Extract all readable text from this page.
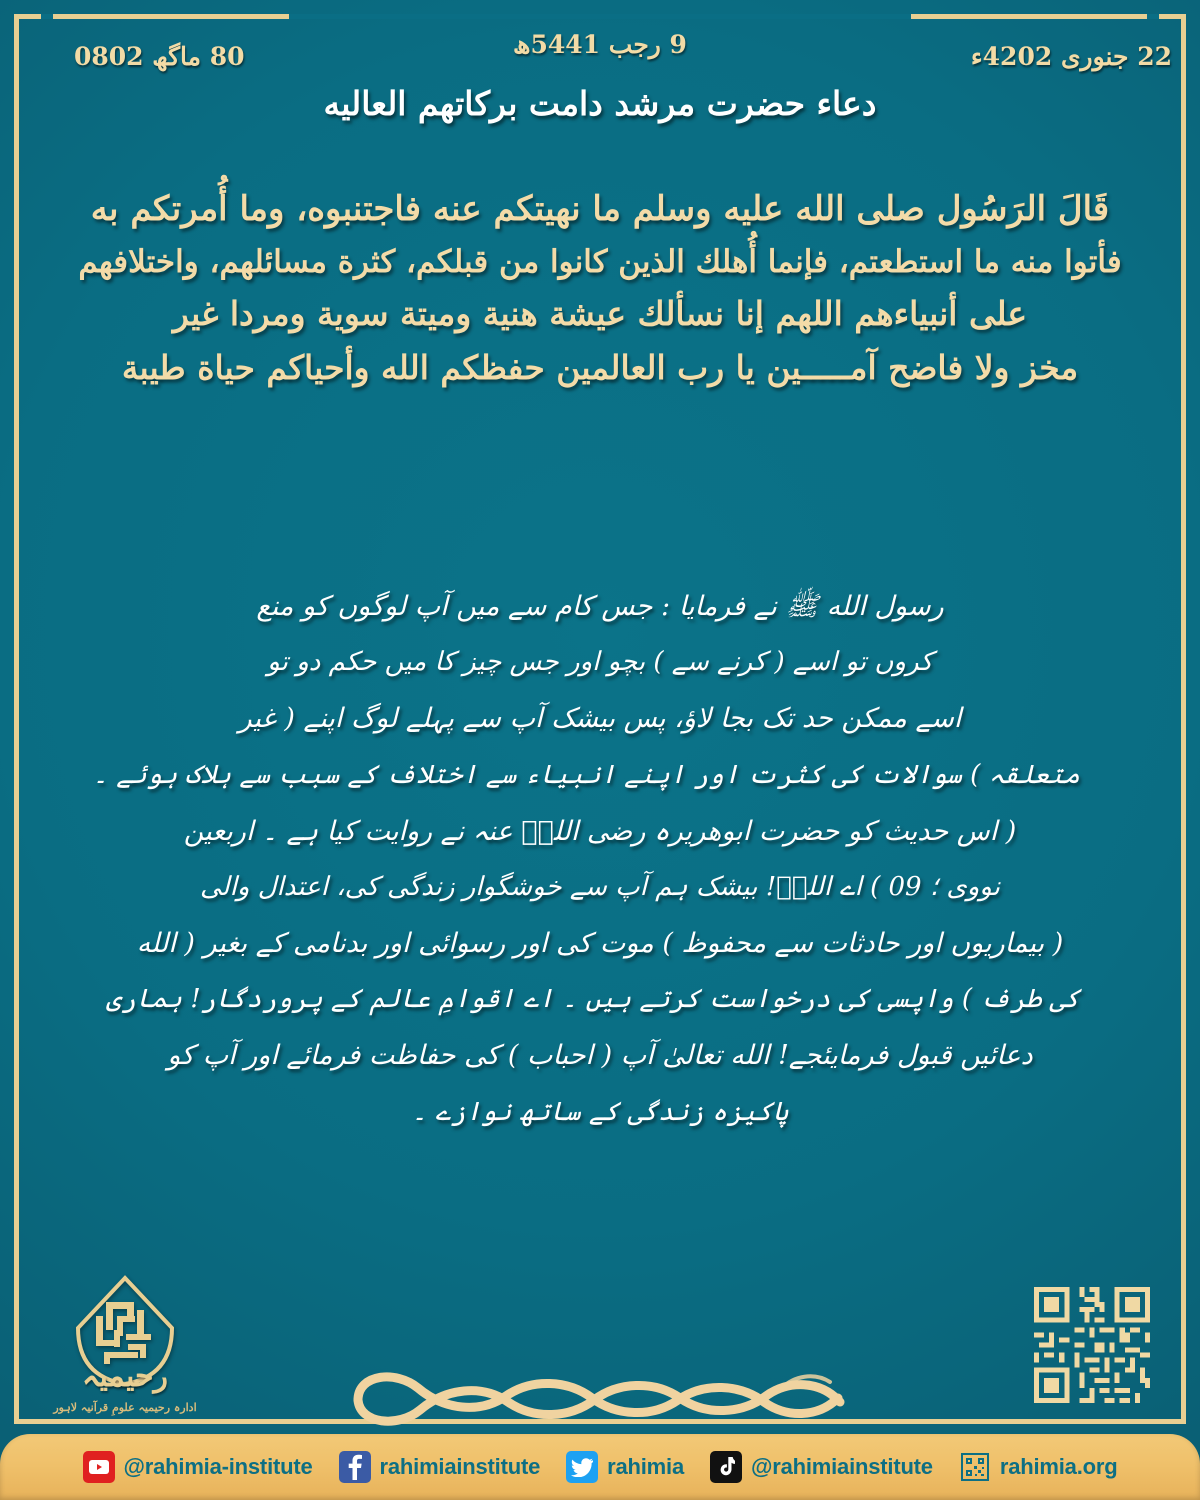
9 رجب 1445ھ
08 ماگھ 2080	22 جنوری 2024ء
دعاء حضرت مرشد دامت برکاتهم العالیه
قَالَ الرَسُول صلی الله علیه وسلم ما نهیتکم عنه فاجتنبوه، وما أُمرتکم به
فأتوا منه ما استطعتم، فإنما أُهلك الذین کانوا من قبلکم، کثرة مسائلهم، واختلافهم
علی أنبیاءهم اللهم إنا نسألك عیشة هنیة ومیتة سویة ومردا غیر
مخز ولا فاضح آمـــــین یا رب العالمین حفظکم الله وأحیاکم حیاة طیبة
رسول الله ﷺ نے فرمایا : جس کام سے میں آپ لوگوں کو منع
کروں تو اسے ( کرنے سے ) بچو اور جس چیز کا میں حکم دو تو
اسے ممکن حد تک بجا لاؤ، پس بیشک آپ سے پہلے لوگ اپنے ( غیر
متعلقہ ) سوالات کی کثرت اور اپنے انبیاء سے اختلاف کے سبب سے ہلاک ہوئے ۔
( اس حدیث کو حضرت ابوھریرہ رضی اللهؓ عنہ نے روایت کیا ہے ۔ اربعین
نووی ؛ 09 ) اے اللهؐ! بیشک ہم آپ سے خوشگوار زندگی کی، اعتدال والی
( بیماریوں اور حادثات سے محفوظ ) موت کی اور رسوائی اور بدنامی کے بغیر ( الله
کی طرف ) واپسی کی درخواست کرتے ہیں ۔ اے اقوامِ عالم کے پروردگار! ہماری
دعائیں قبول فرمایئجے! الله تعالیٰ آپ ( احباب ) کی حفاظت فرمائے اور آپ کو
پاکیزہ زندگی کے ساتھ نوازے ۔
رحیمیہ
ادارہ رحیمیہ علومِ قرآنیہ لاہور
@rahimia-institute	rahimiainstitute	rahimia	@rahimiainstitute	rahimia.org
